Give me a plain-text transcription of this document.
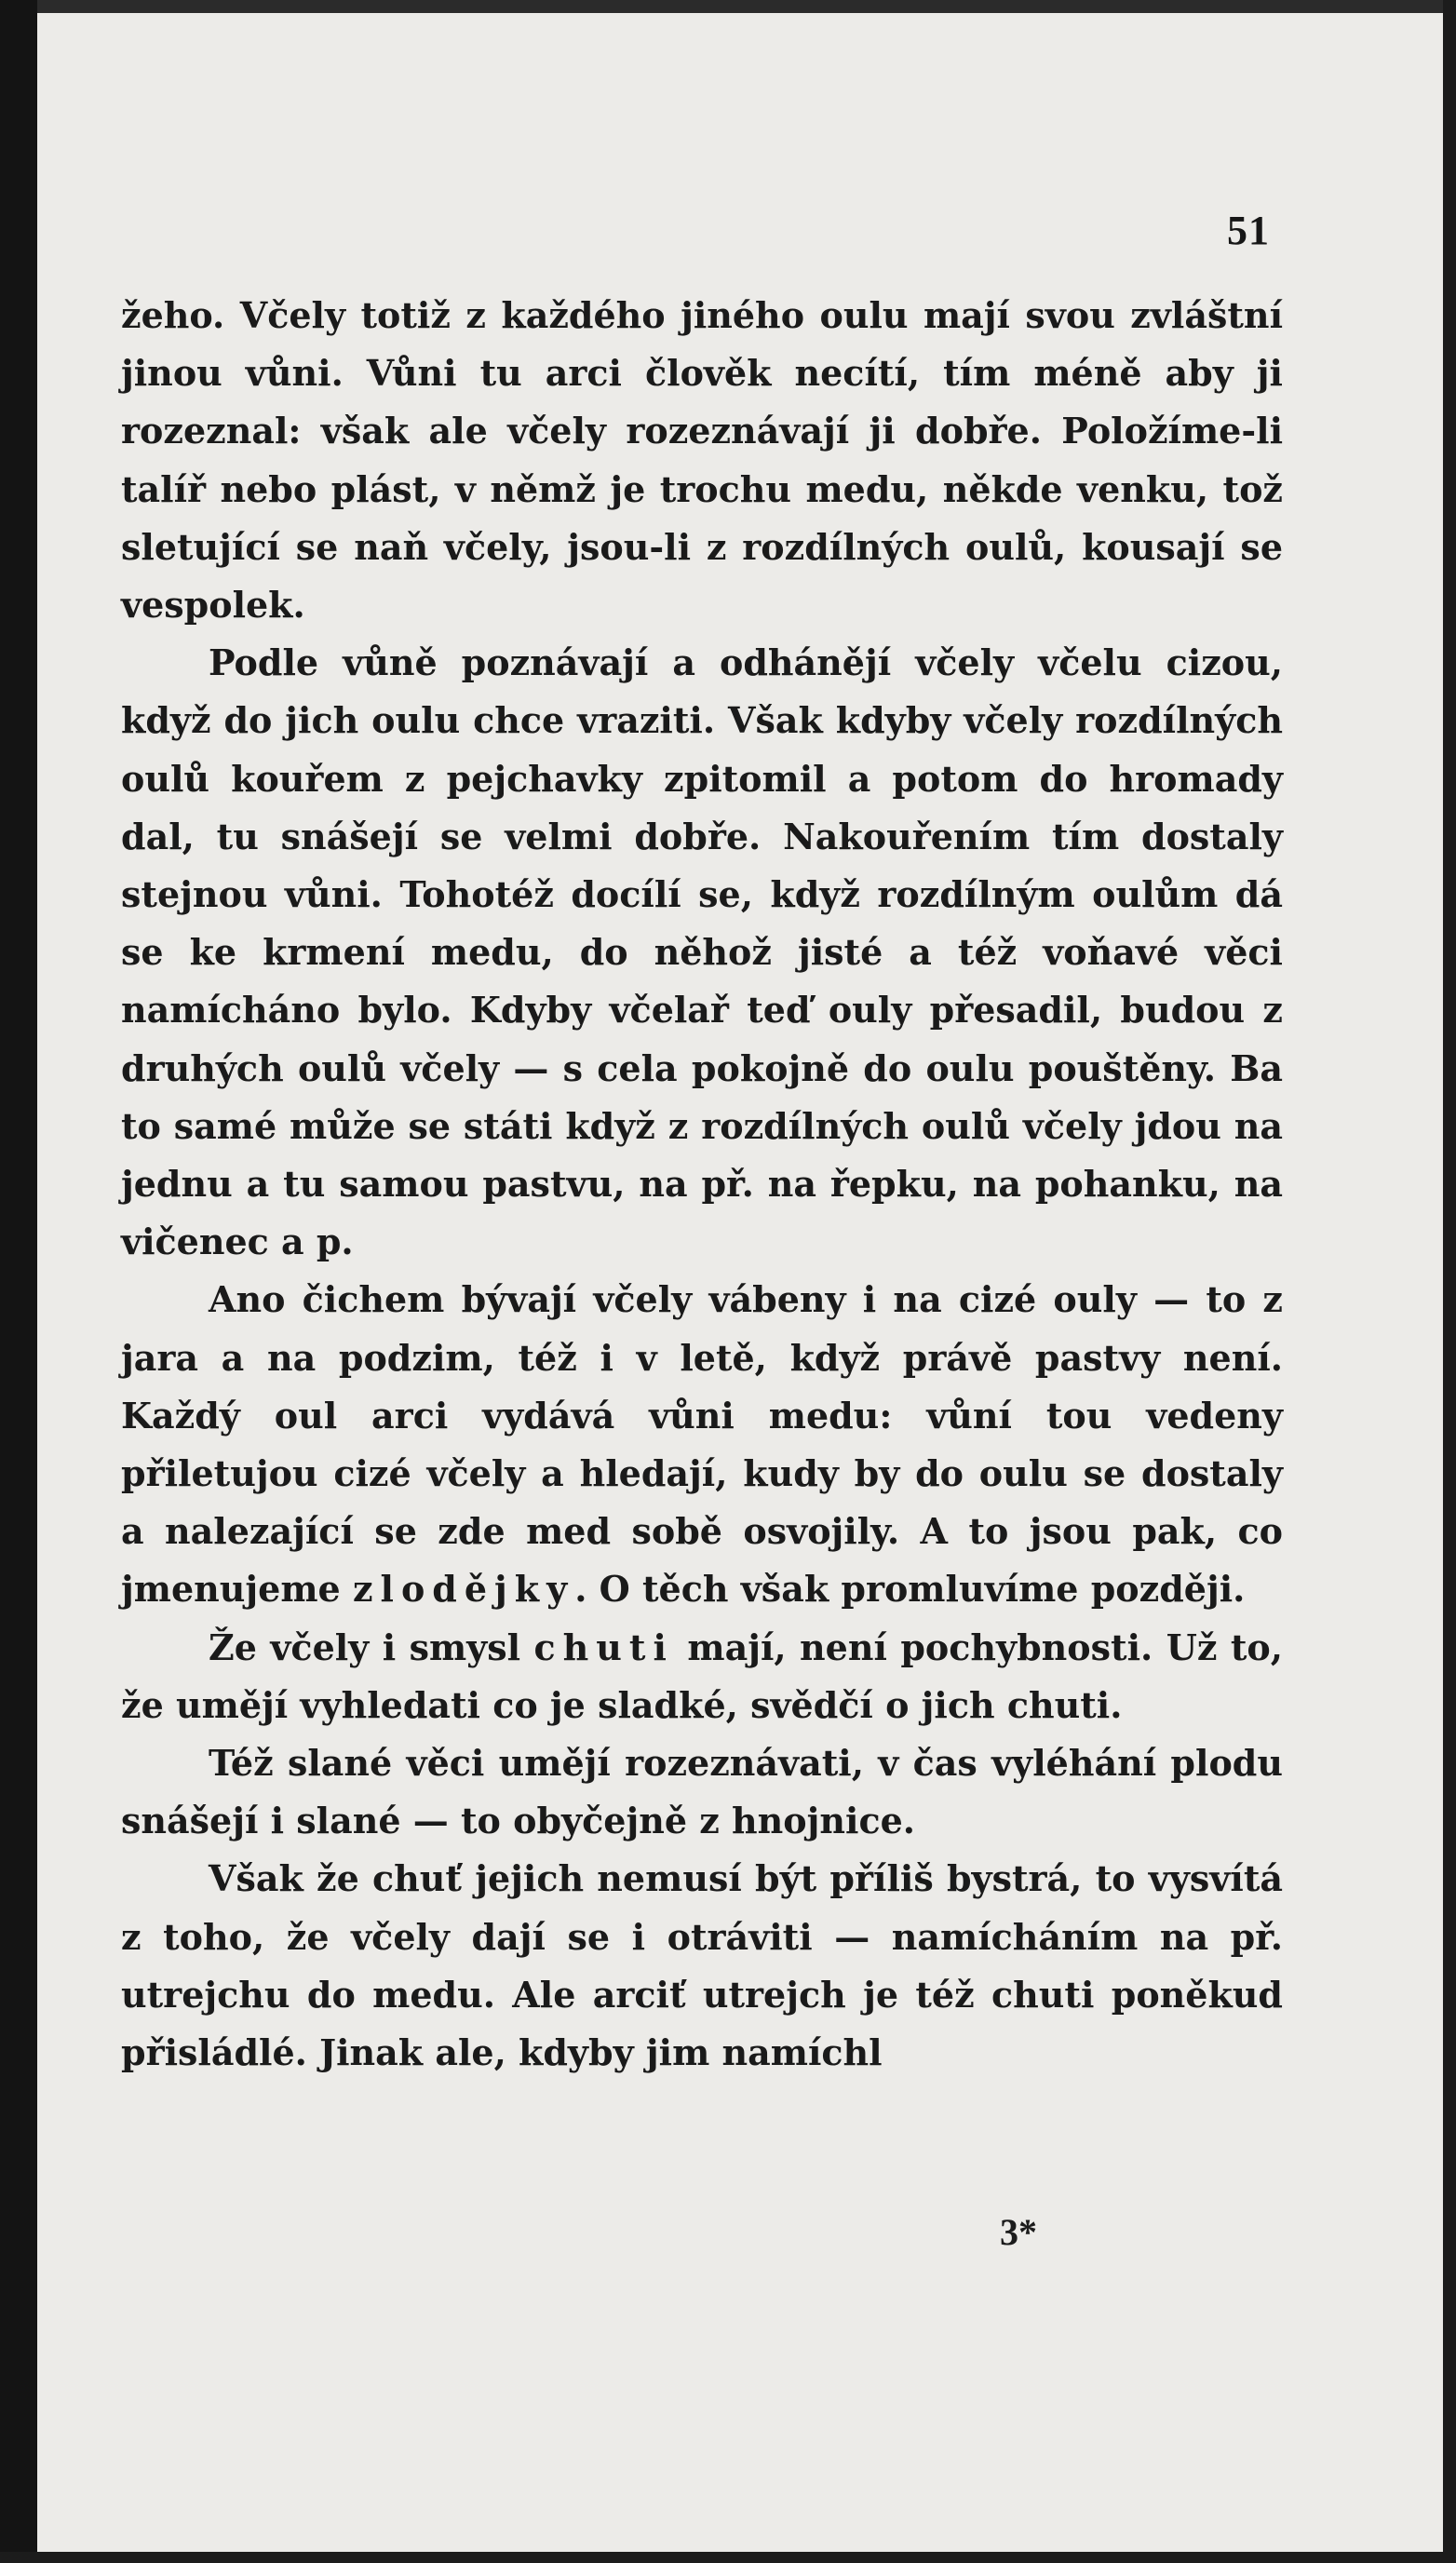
51

žeho. Včely totiž z každého jiného oulu mají svou zvláštní jinou vůni. Vůni tu arci člověk necítí, tím méně aby ji rozeznal: však ale včely rozeznávají ji dobře. Položíme-li talíř nebo plást, v němž je trochu medu, někde venku, tož sletující se naň včely, jsou-li z rozdílných oulů, kousají se vespolek.

Podle vůně poznávají a odhánějí včely včelu cizou, když do jich oulu chce vraziti. Však kdyby včely rozdílných oulů kouřem z pejchavky zpitomil a potom do hromady dal, tu snášejí se velmi dobře. Nakouřením tím dostaly stejnou vůni. Tohotéž docílí se, když rozdílným oulům dá se ke krmení medu, do něhož jisté a též voňavé věci namícháno bylo. Kdyby včelař teď ouly přesadil, budou z druhých oulů včely — s cela pokojně do oulu pouštěny. Ba to samé může se státi když z rozdílných oulů včely jdou na jednu a tu samou pastvu, na př. na řepku, na pohanku, na vičenec a p.

Ano čichem bývají včely vábeny i na cizé ouly — to z jara a na podzim, též i v letě, když právě pastvy není. Každý oul arci vydává vůni medu: vůní tou vedeny přiletujou cizé včely a hledají, kudy by do oulu se dostaly a nalezající se zde med sobě osvojily. A to jsou pak, co jmenujeme zlodějky. O těch však promluvíme později.

Že včely i smysl chuti mají, není pochybnosti. Už to, že umějí vyhledati co je sladké, svědčí o jich chuti.

Též slané věci umějí rozeznávati, v čas vyléhání plodu snášejí i slané — to obyčejně z hnojnice.

Však že chuť jejich nemusí být příliš bystrá, to vysvítá z toho, že včely dají se i otráviti — namícháním na př. utrejchu do medu. Ale arciť utrejch je též chuti poněkud přisládlé. Jinak ale, kdyby jim namíchl

3*
